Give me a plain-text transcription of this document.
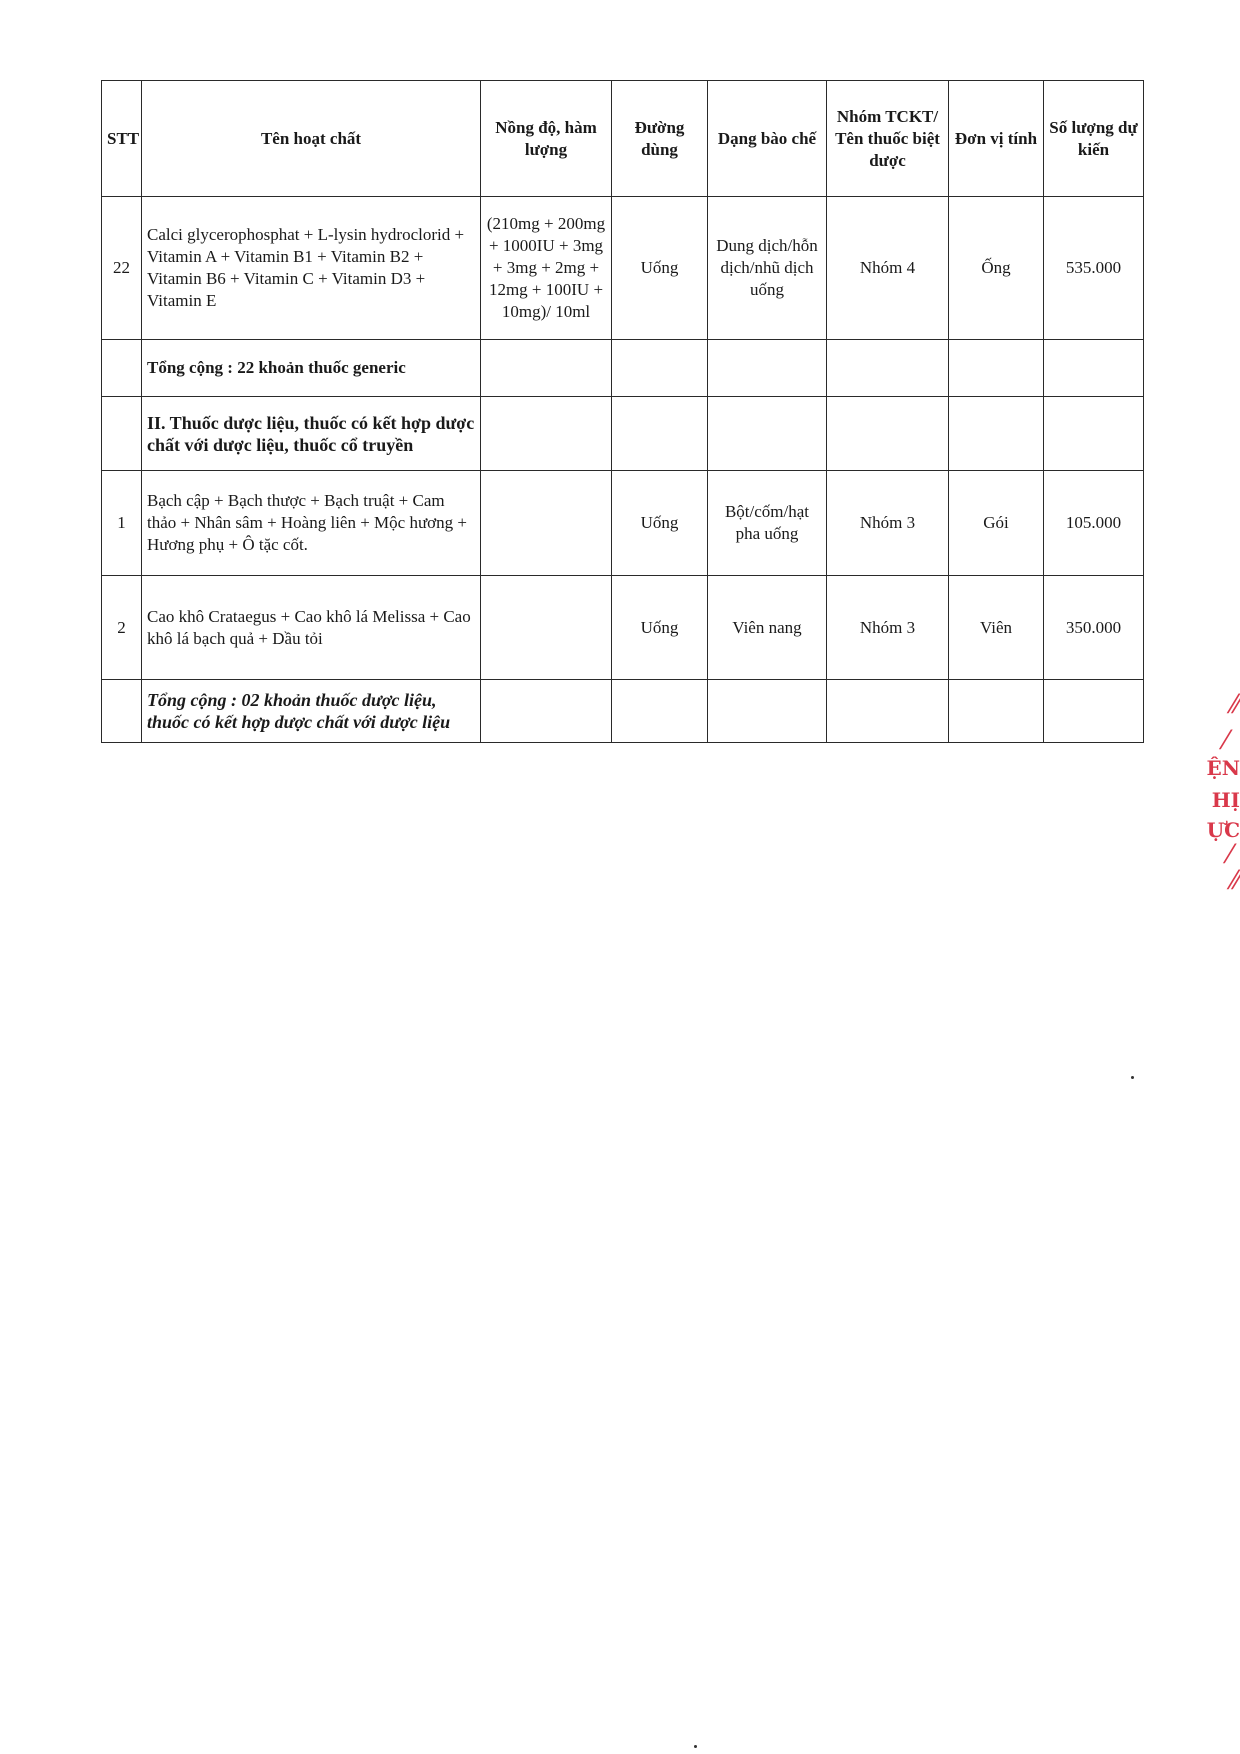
STT	Tên hoạt chất	Nồng độ, hàm lượng	Đường dùng	Dạng bào chế	Nhóm TCKT/ Tên thuốc biệt dược	Đơn vị tính	Số lượng dự kiến
22	Calci glycerophosphat + L-lysin hydroclorid + Vitamin A + Vitamin B1 + Vitamin B2 + Vitamin B6 + Vitamin C + Vitamin D3 + Vitamin E	(210mg + 200mg + 1000IU + 3mg + 3mg + 2mg + 12mg + 100IU + 10mg)/ 10ml	Uống	Dung dịch/hỗn dịch/nhũ dịch uống	Nhóm 4	Ống	535.000
	Tổng cộng : 22 khoản thuốc generic						
	II. Thuốc dược liệu, thuốc có kết hợp dược chất với dược liệu, thuốc cổ truyền						
1	Bạch cập + Bạch thược + Bạch truật + Cam thảo + Nhân sâm + Hoàng liên + Mộc hương + Hương phụ + Ô tặc cốt.		Uống	Bột/cốm/hạt pha uống	Nhóm 3	Gói	105.000
2	Cao khô Crataegus + Cao khô lá Melissa + Cao khô lá bạch quả + Dầu tỏi		Uống	Viên nang	Nhóm 3	Viên	350.000
	Tổng cộng : 02 khoản thuốc dược liệu, thuốc có kết hợp dược chất với dược liệu						
⁄⁄
⁄
ỆN
HỊ
ỰC
⁄
⁄⁄
